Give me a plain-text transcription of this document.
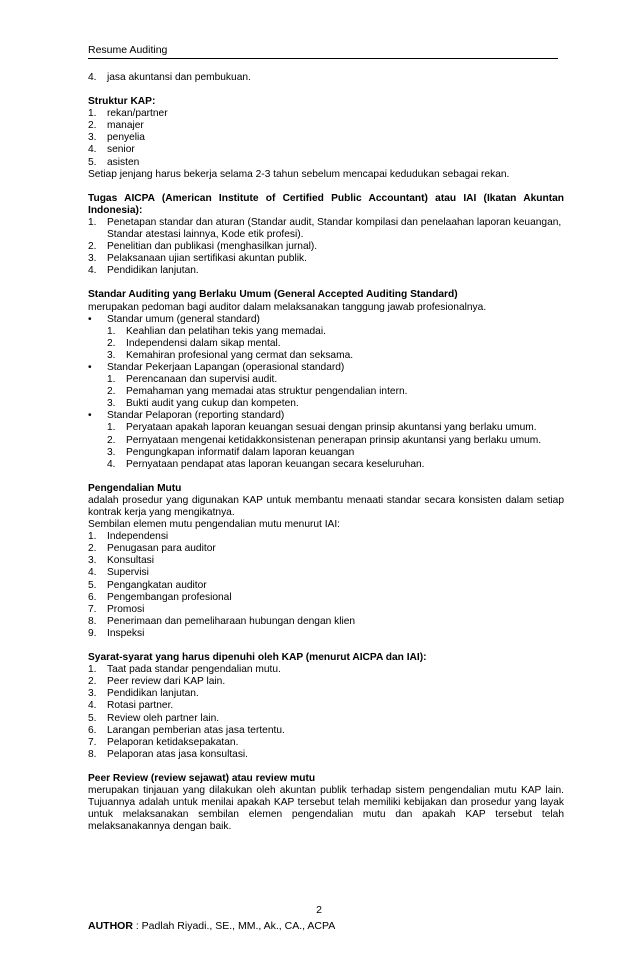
Resume Auditing
4.	jasa akuntansi dan pembukuan.
Struktur KAP:
1.	rekan/partner
2.	manajer
3.	penyelia
4.	senior
5.	asisten
Setiap jenjang harus bekerja selama 2-3 tahun sebelum mencapai kedudukan sebagai rekan.
Tugas AICPA (American Institute of Certified Public Accountant) atau IAI (Ikatan Akuntan Indonesia):
1.	Penetapan standar dan aturan (Standar audit, Standar kompilasi dan penelaahan laporan keuangan, Standar atestasi lainnya, Kode etik profesi).
2.	Penelitian dan publikasi (menghasilkan jurnal).
3.	Pelaksanaan ujian sertifikasi akuntan publik.
4.	Pendidikan lanjutan.
Standar Auditing yang Berlaku Umum (General Accepted Auditing Standard)
merupakan pedoman bagi auditor dalam melaksanakan tanggung jawab profesionalnya.
•	Standar umum (general standard)
1.	Keahlian dan pelatihan tekis yang memadai.
2.	Independensi dalam sikap mental.
3.	Kemahiran profesional yang cermat dan seksama.
•	Standar Pekerjaan Lapangan (operasional standard)
1.	Perencanaan dan supervisi audit.
2.	Pemahaman yang memadai atas struktur pengendalian intern.
3.	Bukti audit yang cukup dan kompeten.
•	Standar Pelaporan (reporting standard)
1.	Peryataan apakah laporan keuangan sesuai dengan prinsip akuntansi yang berlaku umum.
2.	Pernyataan mengenai ketidakkonsistenan penerapan prinsip akuntansi yang berlaku umum.
3.	Pengungkapan informatif dalam laporan keuangan
4.	Pernyataan pendapat atas laporan keuangan secara keseluruhan.
Pengendalian Mutu
adalah prosedur yang digunakan KAP untuk membantu menaati standar secara konsisten dalam setiap kontrak kerja yang mengikatnya.
Sembilan elemen mutu pengendalian mutu menurut IAI:
1.	Independensi
2.	Penugasan para auditor
3.	Konsultasi
4.	Supervisi
5.	Pengangkatan auditor
6.	Pengembangan profesional
7.	Promosi
8.	Penerimaan dan pemeliharaan hubungan dengan klien
9.	Inspeksi
Syarat-syarat yang harus dipenuhi oleh KAP (menurut AICPA dan IAI):
1.	Taat pada standar pengendalian mutu.
2.	Peer review dari KAP lain.
3.	Pendidikan lanjutan.
4.	Rotasi partner.
5.	Review oleh partner lain.
6.	Larangan pemberian atas jasa tertentu.
7.	Pelaporan ketidaksepakatan.
8.	Pelaporan atas jasa konsultasi.
Peer Review (review sejawat) atau review mutu
merupakan tinjauan yang dilakukan oleh akuntan publik terhadap sistem pengendalian mutu KAP lain. Tujuannya adalah untuk menilai apakah KAP tersebut telah memiliki kebijakan dan prosedur yang layak untuk melaksanakan sembilan elemen pengendalian mutu dan apakah KAP tersebut telah melaksanakannya dengan baik.
2
AUTHOR : Padlah Riyadi., SE., MM., Ak., CA., ACPA
